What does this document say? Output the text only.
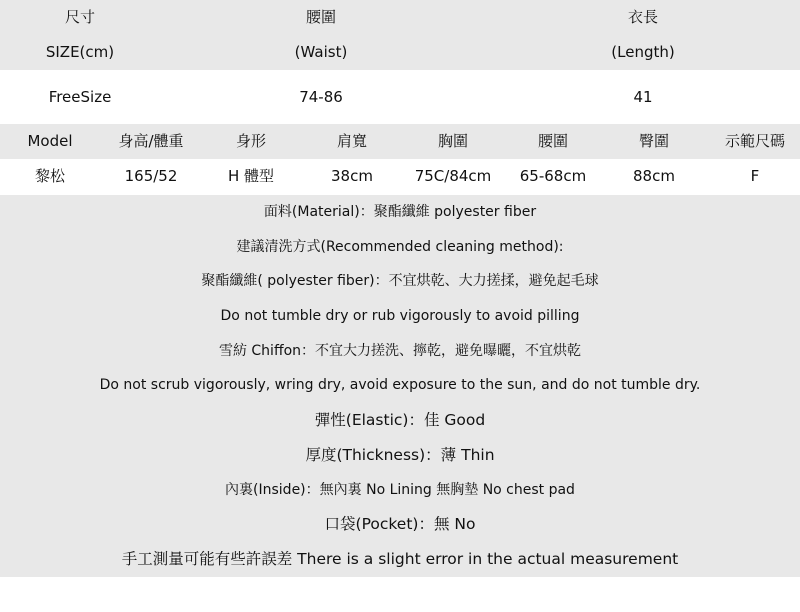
尺寸	腰圍	衣長
SIZE(cm)	(Waist)	(Length)
FreeSize	74-86	41
Model	身高/體重	身形	肩寬	胸圍	腰圍	臀圍	示範尺碼
黎松	165/52	H 體型	38cm	75C/84cm	65-68cm	88cm	F
面料(Material)：聚酯纖維 polyester fiber
建議清洗方式(Recommended cleaning method):
聚酯纖維( polyester fiber)：不宜烘乾、大力搓揉，避免起毛球
Do not tumble dry or rub vigorously to avoid pilling
雪紡 Chiffon：不宜大力搓洗、擰乾，避免曝曬，不宜烘乾
Do not scrub vigorously, wring dry, avoid exposure to the sun, and do not tumble dry.
彈性(Elastic)：佳 Good
厚度(Thickness)：薄 Thin
內裏(Inside)：無內裏 No Lining 無胸墊 No chest pad
口袋(Pocket)：無 No
手工測量可能有些許誤差 There is a slight error in the actual measurement
